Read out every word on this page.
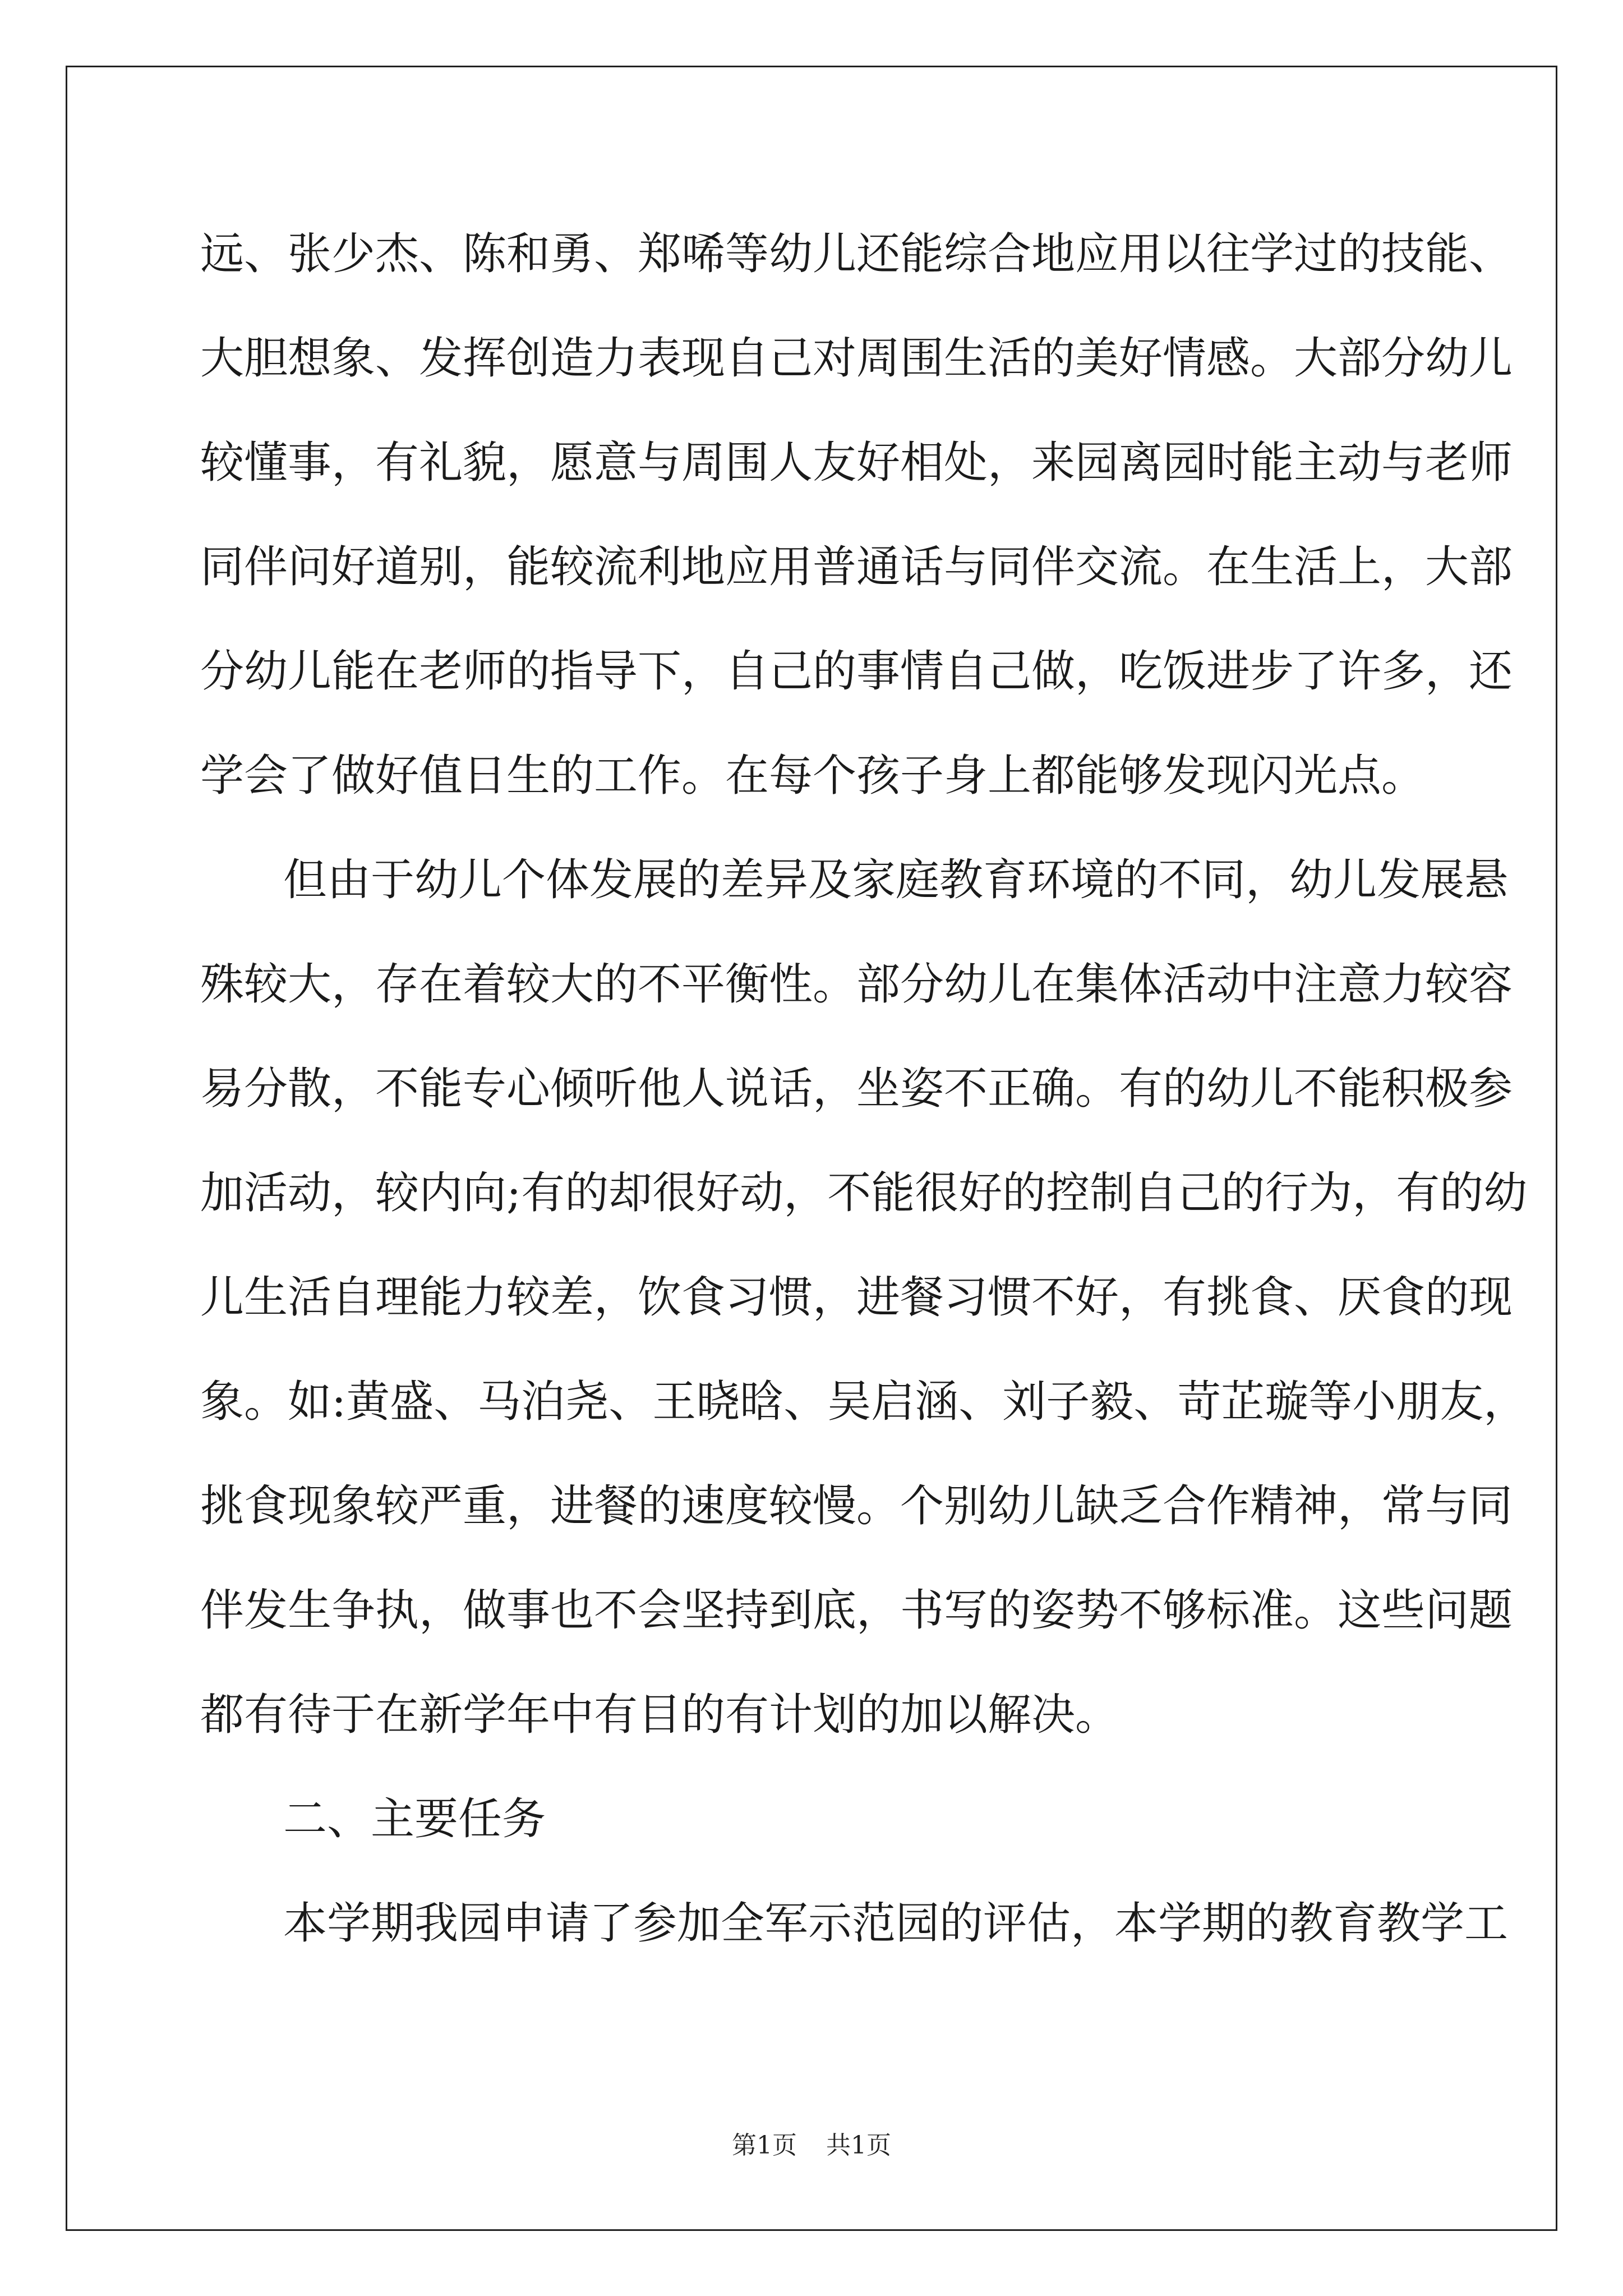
远、张少杰、陈和勇、郑唏等幼儿还能综合地应用以往学过的技能、
大胆想象、发挥创造力表现自己对周围生活的美好情感。大部分幼儿
较懂事，有礼貌，愿意与周围人友好相处，来园离园时能主动与老师
同伴问好道别，能较流利地应用普通话与同伴交流。在生活上，大部
分幼儿能在老师的指导下，自己的事情自己做，吃饭进步了许多，还
学会了做好值日生的工作。在每个孩子身上都能够发现闪光点。
但由于幼儿个体发展的差异及家庭教育环境的不同，幼儿发展悬
殊较大，存在着较大的不平衡性。部分幼儿在集体活动中注意力较容
易分散，不能专心倾听他人说话，坐姿不正确。有的幼儿不能积极参
加活动，较内向;有的却很好动，不能很好的控制自己的行为，有的幼
儿生活自理能力较差，饮食习惯，进餐习惯不好，有挑食、厌食的现
象。如:黄盛、马泊尧、王晓晗、吴启涵、刘子毅、苛芷璇等小朋友，
挑食现象较严重，进餐的速度较慢。个别幼儿缺乏合作精神，常与同
伴发生争执，做事也不会坚持到底，书写的姿势不够标准。这些问题
都有待于在新学年中有目的有计划的加以解决。
二、主要任务
本学期我园申请了参加全军示范园的评估，本学期的教育教学工
第1页 共1页
